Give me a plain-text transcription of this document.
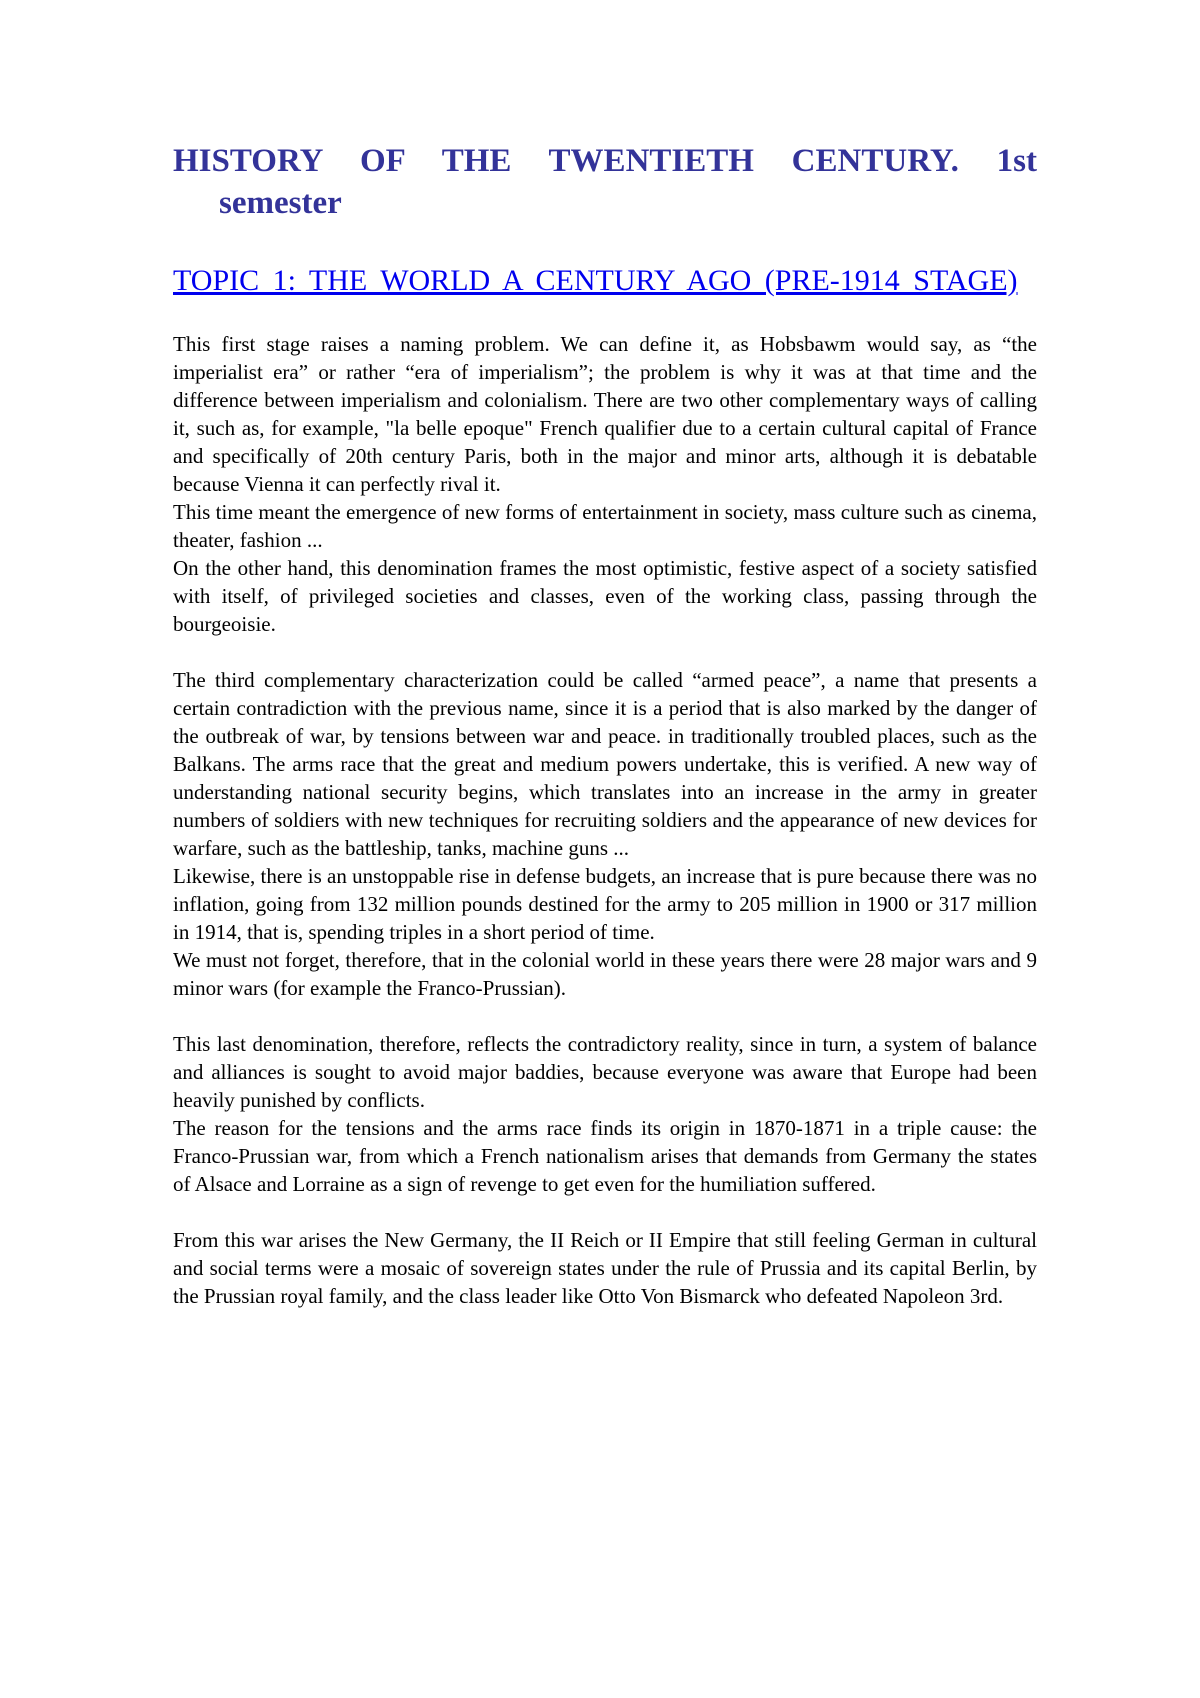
HISTORY OF THE TWENTIETH CENTURY. 1st semester
TOPIC 1: THE WORLD A CENTURY AGO (PRE-1914 STAGE)

This first stage raises a naming problem. We can define it, as Hobsbawm would say, as “the imperialist era” or rather “era of imperialism”; the problem is why it was at that time and the difference between imperialism and colonialism. There are two other complementary ways of calling it, such as, for example, "la belle epoque" French qualifier due to a certain cultural capital of France and specifically of 20th century Paris, both in the major and minor arts, although it is debatable because Vienna it can perfectly rival it.

This time meant the emergence of new forms of entertainment in society, mass culture such as cinema, theater, fashion ...

On the other hand, this denomination frames the most optimistic, festive aspect of a society satisfied with itself, of privileged societies and classes, even of the working class, passing through the bourgeoisie.

The third complementary characterization could be called “armed peace”, a name that presents a certain contradiction with the previous name, since it is a period that is also marked by the danger of the outbreak of war, by tensions between war and peace. in traditionally troubled places, such as the Balkans. The arms race that the great and medium powers undertake, this is verified. A new way of understanding national security begins, which translates into an increase in the army in greater numbers of soldiers with new techniques for recruiting soldiers and the appearance of new devices for warfare, such as the battleship, tanks, machine guns ...

Likewise, there is an unstoppable rise in defense budgets, an increase that is pure because there was no inflation, going from 132 million pounds destined for the army to 205 million in 1900 or 317 million in 1914, that is, spending triples in a short period of time.

We must not forget, therefore, that in the colonial world in these years there were 28 major wars and 9 minor wars (for example the Franco-Prussian).

This last denomination, therefore, reflects the contradictory reality, since in turn, a system of balance and alliances is sought to avoid major baddies, because everyone was aware that Europe had been heavily punished by conflicts.

The reason for the tensions and the arms race finds its origin in 1870-1871 in a triple cause: the Franco-Prussian war, from which a French nationalism arises that demands from Germany the states of Alsace and Lorraine as a sign of revenge to get even for the humiliation suffered.

From this war arises the New Germany, the II Reich or II Empire that still feeling German in cultural and social terms were a mosaic of sovereign states under the rule of Prussia and its capital Berlin, by the Prussian royal family, and the class leader like Otto Von Bismarck who defeated Napoleon 3rd.
